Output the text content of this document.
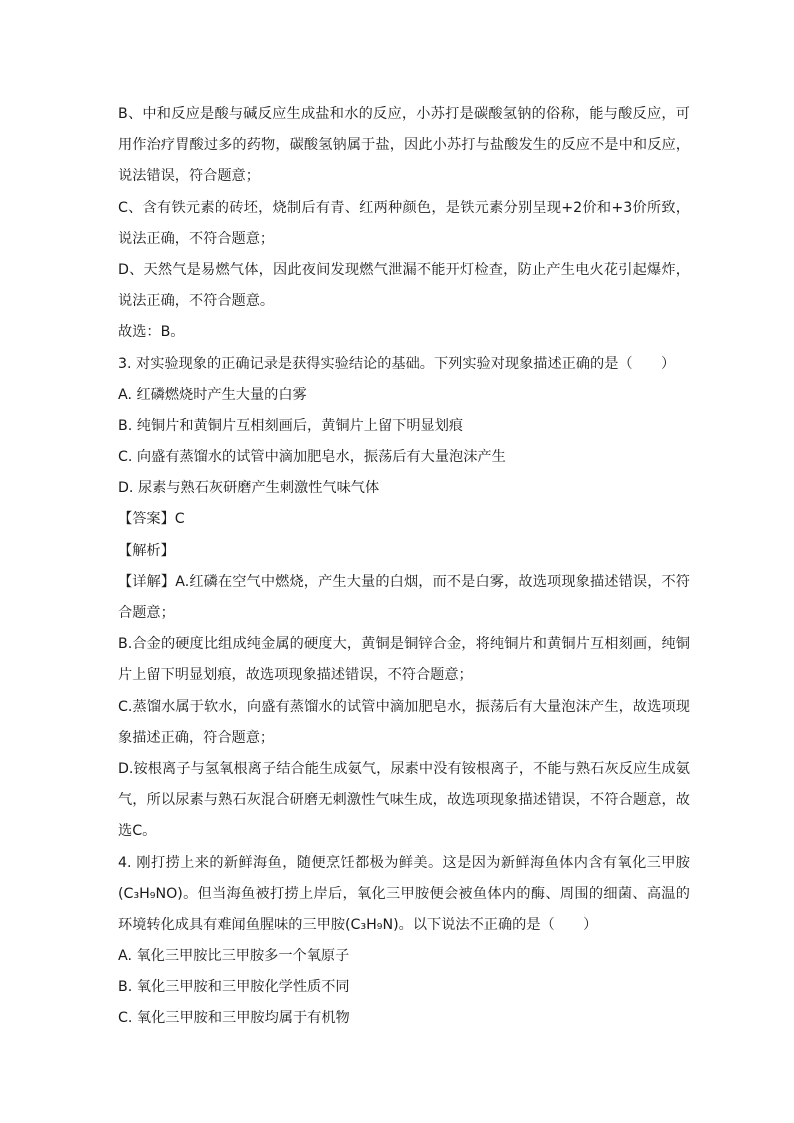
B、中和反应是酸与碱反应生成盐和水的反应，小苏打是碳酸氢钠的俗称，能与酸反应，可
用作治疗胃酸过多的药物，碳酸氢钠属于盐，因此小苏打与盐酸发生的反应不是中和反应，
说法错误，符合题意；
C、含有铁元素的砖坯，烧制后有青、红两种颜色，是铁元素分别呈现+2价和+3价所致，
说法正确，不符合题意；
D、天然气是易燃气体，因此夜间发现燃气泄漏不能开灯检查，防止产生电火花引起爆炸，
说法正确，不符合题意。
故选：B。
3. 对实验现象的正确记录是获得实验结论的基础。下列实验对现象描述正确的是（　　）
A. 红磷燃烧时产生大量的白雾
B. 纯铜片和黄铜片互相刻画后，黄铜片上留下明显划痕
C. 向盛有蒸馏水的试管中滴加肥皂水，振荡后有大量泡沫产生
D. 尿素与熟石灰研磨产生刺激性气味气体
【答案】C
【解析】
【详解】A.红磷在空气中燃烧，产生大量的白烟，而不是白雾，故选项现象描述错误，不符
合题意；
B.合金的硬度比组成纯金属的硬度大，黄铜是铜锌合金，将纯铜片和黄铜片互相刻画，纯铜
片上留下明显划痕，故选项现象描述错误，不符合题意；
C.蒸馏水属于软水，向盛有蒸馏水的试管中滴加肥皂水，振荡后有大量泡沫产生，故选项现
象描述正确，符合题意；
D.铵根离子与氢氧根离子结合能生成氨气，尿素中没有铵根离子，不能与熟石灰反应生成氨
气，所以尿素与熟石灰混合研磨无刺激性气味生成，故选项现象描述错误，不符合题意，故
选C。
4. 刚打捞上来的新鲜海鱼，随便烹饪都极为鲜美。这是因为新鲜海鱼体内含有氧化三甲胺
(C₃H₉NO)。但当海鱼被打捞上岸后，氧化三甲胺便会被鱼体内的酶、周围的细菌、高温的
环境转化成具有难闻鱼腥味的三甲胺(C₃H₉N)。以下说法不正确的是（　　）
A. 氧化三甲胺比三甲胺多一个氧原子
B. 氧化三甲胺和三甲胺化学性质不同
C. 氧化三甲胺和三甲胺均属于有机物
